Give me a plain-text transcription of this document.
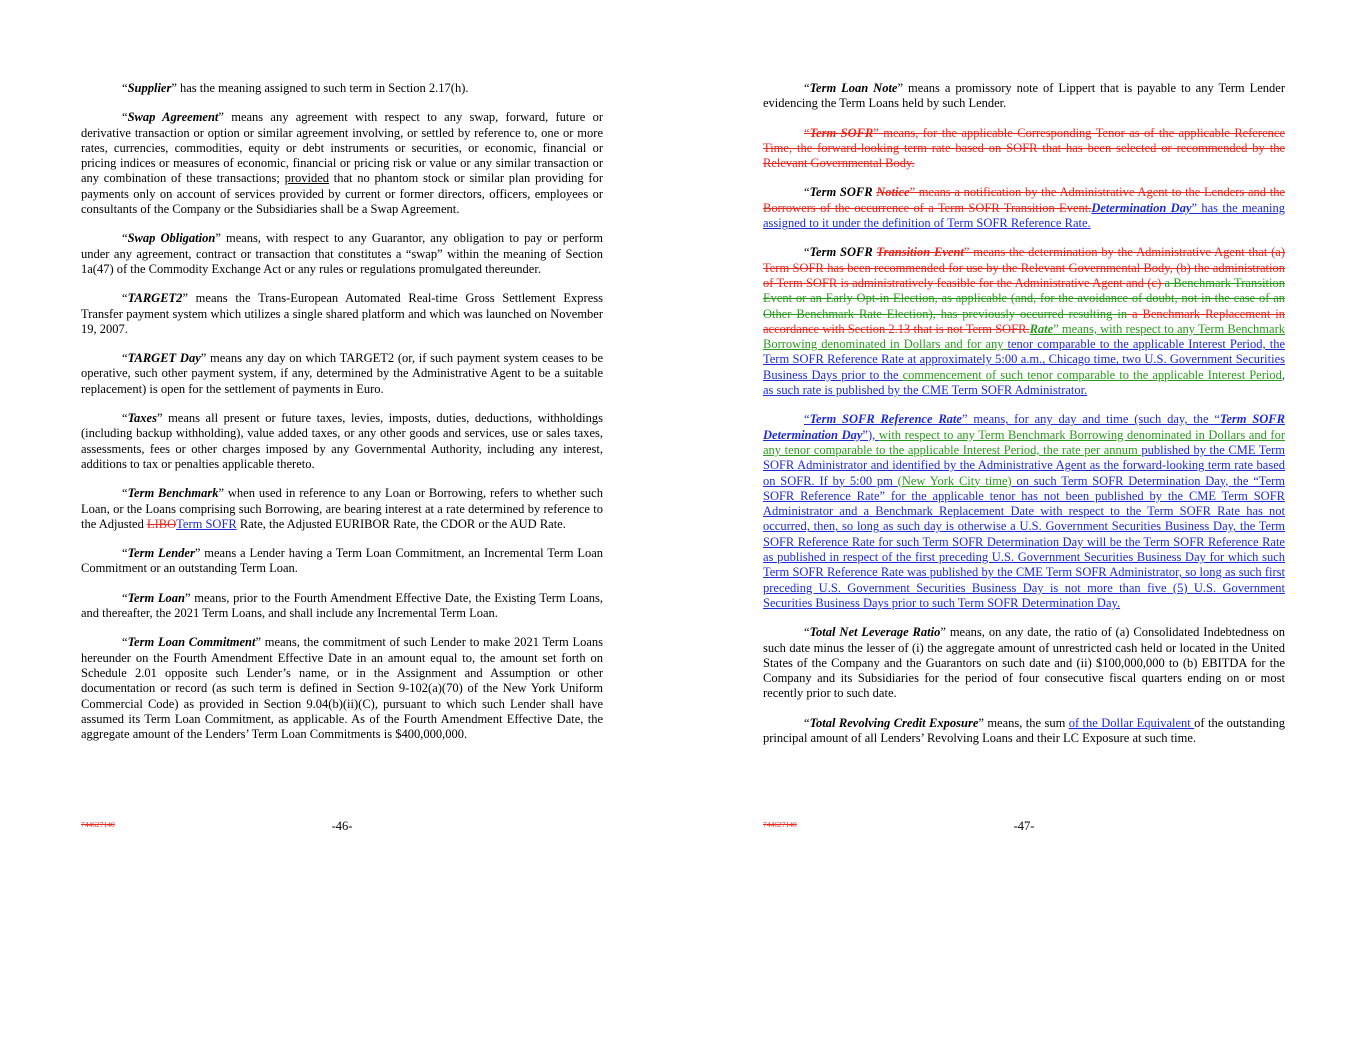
“Supplier” has the meaning assigned to such term in Section 2.17(h).

“Swap Agreement” means any agreement with respect to any swap, forward, future or derivative transaction or option or similar agreement involving, or settled by reference to, one or more rates, currencies, commodities, equity or debt instruments or securities, or economic, financial or pricing indices or measures of economic, financial or pricing risk or value or any similar transaction or any combination of these transactions; provided that no phantom stock or similar plan providing for payments only on account of services provided by current or former directors, officers, employees or consultants of the Company or the Subsidiaries shall be a Swap Agreement.

“Swap Obligation” means, with respect to any Guarantor, any obligation to pay or perform under any agreement, contract or transaction that constitutes a “swap” within the meaning of Section 1a(47) of the Commodity Exchange Act or any rules or regulations promulgated thereunder.

“TARGET2” means the Trans-European Automated Real-time Gross Settlement Express Transfer payment system which utilizes a single shared platform and which was launched on November 19, 2007.

“TARGET Day” means any day on which TARGET2 (or, if such payment system ceases to be operative, such other payment system, if any, determined by the Administrative Agent to be a suitable replacement) is open for the settlement of payments in Euro.

“Taxes” means all present or future taxes, levies, imposts, duties, deductions, withholdings (including backup withholding), value added taxes, or any other goods and services, use or sales taxes, assessments, fees or other charges imposed by any Governmental Authority, including any interest, additions to tax or penalties applicable thereto.

“Term Benchmark” when used in reference to any Loan or Borrowing, refers to whether such Loan, or the Loans comprising such Borrowing, are bearing interest at a rate determined by reference to the Adjusted LIBOTerm SOFR Rate, the Adjusted EURIBOR Rate, the CDOR or the AUD Rate.

“Term Lender” means a Lender having a Term Loan Commitment, an Incremental Term Loan Commitment or an outstanding Term Loan.

“Term Loan” means, prior to the Fourth Amendment Effective Date, the Existing Term Loans, and thereafter, the 2021 Term Loans, and shall include any Incremental Term Loan.

“Term Loan Commitment” means, the commitment of such Lender to make 2021 Term Loans hereunder on the Fourth Amendment Effective Date in an amount equal to, the amount set forth on Schedule 2.01 opposite such Lender’s name, or in the Assignment and Assumption or other documentation or record (as such term is defined in Section 9-102(a)(70) of the New York Uniform Commercial Code) as provided in Section 9.04(b)(ii)(C), pursuant to which such Lender shall have assumed its Term Loan Commitment, as applicable. As of the Fourth Amendment Effective Date, the aggregate amount of the Lenders’ Term Loan Commitments is $400,000,000.

744627140	-46-

“Term Loan Note” means a promissory note of Lippert that is payable to any Term Lender evidencing the Term Loans held by such Lender.

“Term SOFR” means, for the applicable Corresponding Tenor as of the applicable Reference Time, the forward-looking term rate based on SOFR that has been selected or recommended by the Relevant Governmental Body.

“Term SOFR Notice” means a notification by the Administrative Agent to the Lenders and the Borrowers of the occurrence of a Term SOFR Transition Event.Determination Day” has the meaning assigned to it under the definition of Term SOFR Reference Rate.

“Term SOFR Transition Event” means the determination by the Administrative Agent that (a) Term SOFR has been recommended for use by the Relevant Governmental Body, (b) the administration of Term SOFR is administratively feasible for the Administrative Agent and (c) a Benchmark Transition Event or an Early Opt-in Election, as applicable (and, for the avoidance of doubt, not in the case of an Other Benchmark Rate Election), has previously occurred resulting in a Benchmark Replacement in accordance with Section 2.13 that is not Term SOFR.Rate” means, with respect to any Term Benchmark Borrowing denominated in Dollars and for any tenor comparable to the applicable Interest Period, the Term SOFR Reference Rate at approximately 5:00 a.m., Chicago time, two U.S. Government Securities Business Days prior to the commencement of such tenor comparable to the applicable Interest Period, as such rate is published by the CME Term SOFR Administrator.

“Term SOFR Reference Rate” means, for any day and time (such day, the “Term SOFR Determination Day”), with respect to any Term Benchmark Borrowing denominated in Dollars and for any tenor comparable to the applicable Interest Period, the rate per annum published by the CME Term SOFR Administrator and identified by the Administrative Agent as the forward-looking term rate based on SOFR. If by 5:00 pm (New York City time) on such Term SOFR Determination Day, the “Term SOFR Reference Rate” for the applicable tenor has not been published by the CME Term SOFR Administrator and a Benchmark Replacement Date with respect to the Term SOFR Rate has not occurred, then, so long as such day is otherwise a U.S. Government Securities Business Day, the Term SOFR Reference Rate for such Term SOFR Determination Day will be the Term SOFR Reference Rate as published in respect of the first preceding U.S. Government Securities Business Day for which such Term SOFR Reference Rate was published by the CME Term SOFR Administrator, so long as such first preceding U.S. Government Securities Business Day is not more than five (5) U.S. Government Securities Business Days prior to such Term SOFR Determination Day.

“Total Net Leverage Ratio” means, on any date, the ratio of (a) Consolidated Indebtedness on such date minus the lesser of (i) the aggregate amount of unrestricted cash held or located in the United States of the Company and the Guarantors on such date and (ii) $100,000,000 to (b) EBITDA for the Company and its Subsidiaries for the period of four consecutive fiscal quarters ending on or most recently prior to such date.

“Total Revolving Credit Exposure” means, the sum of the Dollar Equivalent of the outstanding principal amount of all Lenders’ Revolving Loans and their LC Exposure at such time.

744627140	-47-
